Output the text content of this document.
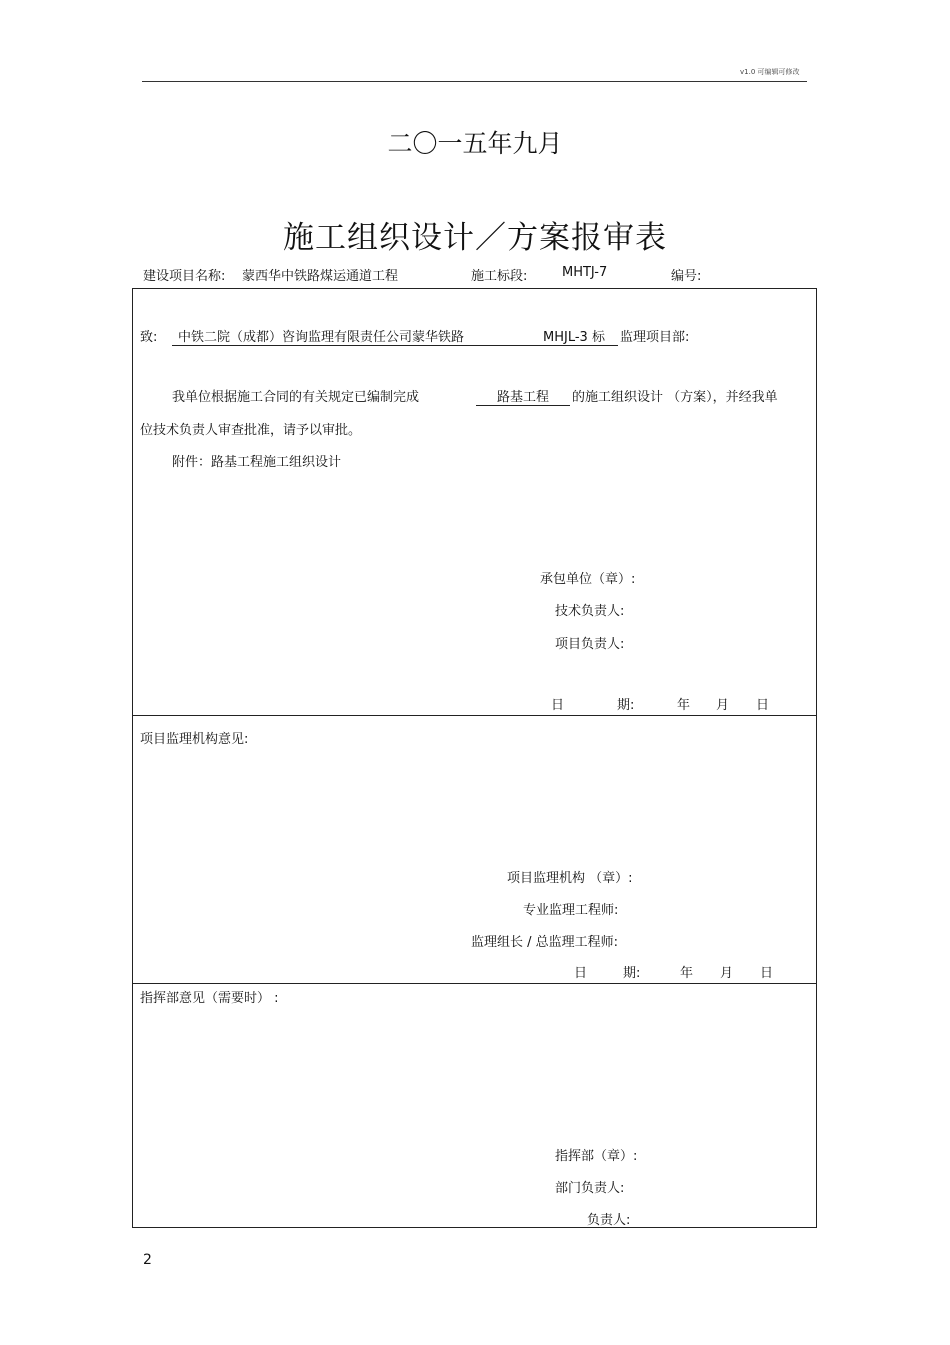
v1.0 可编辑可修改
二〇一五年九月
施工组织设计／方案报审表
建设项目名称: 蒙西华中铁路煤运通道工程	施工标段:	MHTJ-7	编号:
致:	中铁二院（成都）咨询监理有限责任公司蒙华铁路	MHJL-3 标	监理项目部:
我单位根据施工合同的有关规定已编制完成	路基工程	的施工组织设计 （方案），并经我单
位技术负责人审查批准，请予以审批。
附件：路基工程施工组织设计
承包单位（章）:
技术负责人:
项目负责人:
日	期:	年 月 日
项目监理机构意见:
项目监理机构 （章）:
专业监理工程师:
监理组长 / 总监理工程师:
日	期:	年 月 日
指挥部意见（需要时） :
指挥部（章）:
部门负责人:
负责人:
2
